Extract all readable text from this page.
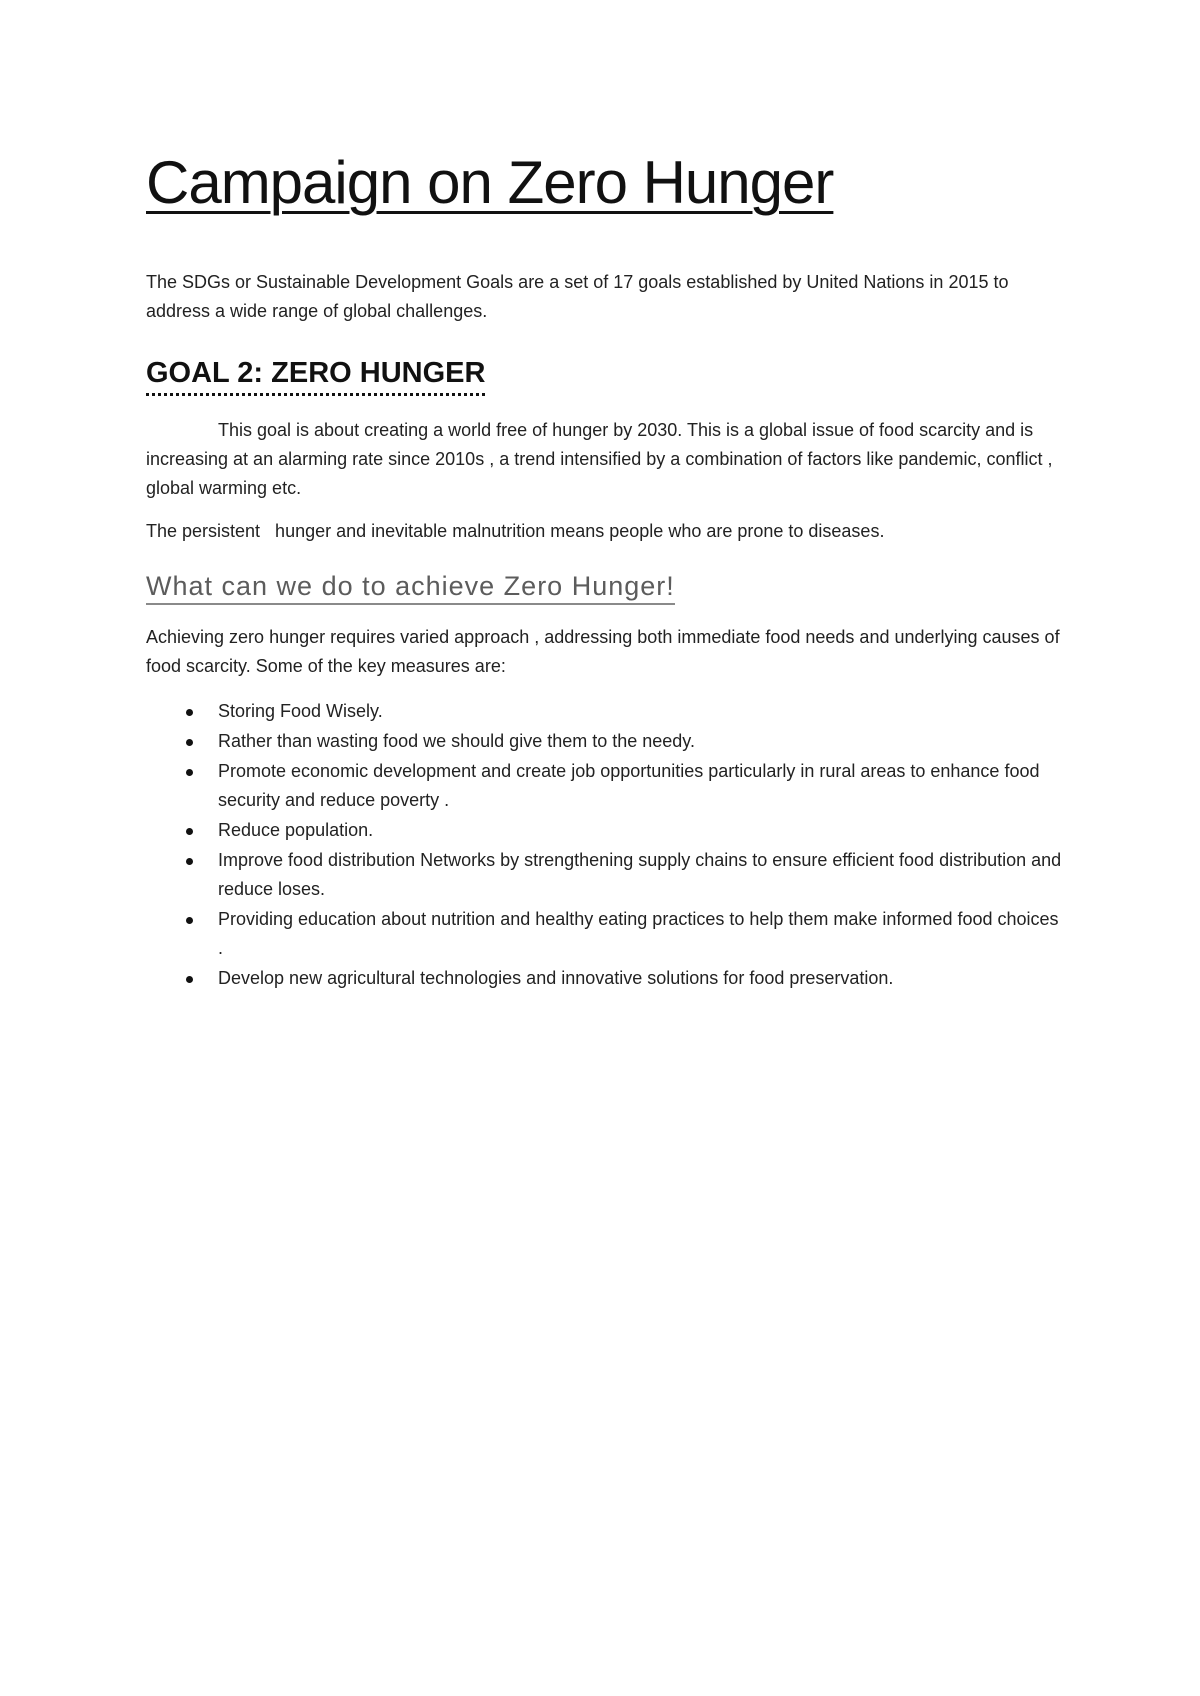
Campaign on Zero Hunger

The SDGs or Sustainable Development Goals are a set of 17 goals established by United Nations in 2015 to address a wide range of global challenges.

GOAL 2: ZERO HUNGER

This goal is about creating a world free of hunger by 2030. This is a global issue of food scarcity and is increasing at an alarming rate since 2010s , a trend intensified by a combination of factors like pandemic, conflict , global warming etc.

The persistent   hunger and inevitable malnutrition means people who are prone to diseases.

What can we do to achieve Zero Hunger!

Achieving zero hunger requires varied approach , addressing both immediate food needs and underlying causes of food scarcity. Some of the key measures are:

Storing Food Wisely.
Rather than wasting food we should give them to the needy.
Promote economic development and create job opportunities particularly in rural areas to enhance food security and reduce poverty .
Reduce population.
Improve food distribution Networks by strengthening supply chains to ensure efficient food distribution and reduce loses.
Providing education about nutrition and healthy eating practices to help them make informed food choices .
Develop new agricultural technologies and innovative solutions for food preservation.
